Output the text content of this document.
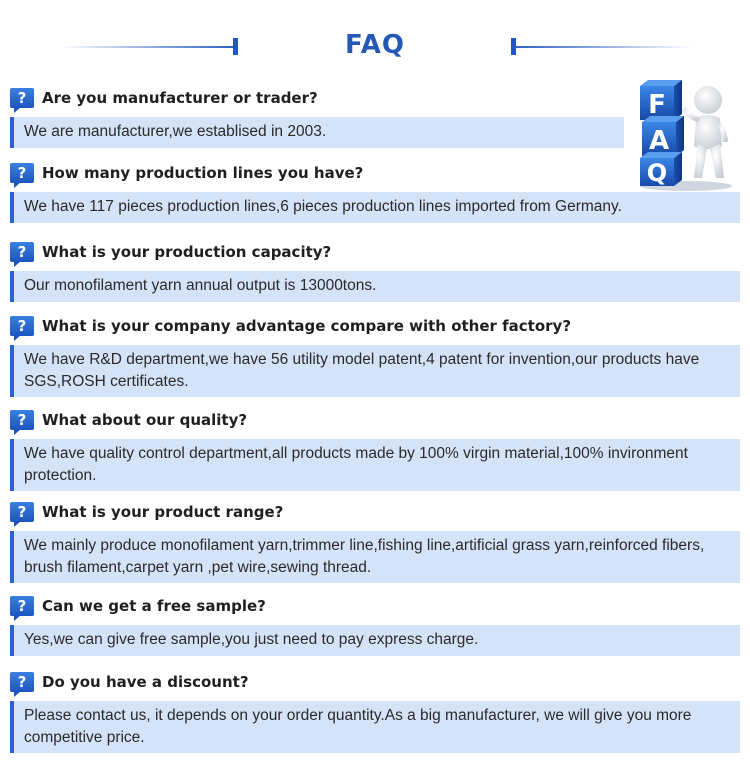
FAQ
F
A
Q
?	Are you manufacturer or trader?
We are manufacturer,we establised in 2003.
?	How many production lines you have?
We have 117 pieces production lines,6 pieces production lines imported from Germany.
?	What is your production capacity?
Our monofilament yarn annual output is 13000tons.
?	What is your company advantage compare with other factory?
We have R&D department,we have 56 utility model patent,4 patent for invention,our products have SGS,ROSH certificates.
?	What about our quality?
We have quality control department,all products made by 100% virgin material,100% invironment protection.
?	What is your product range?
We mainly produce monofilament yarn,trimmer line,fishing line,artificial grass yarn,reinforced fibers, brush filament,carpet yarn ,pet wire,sewing thread.
?	Can we get a free sample?
Yes,we can give free sample,you just need to pay express charge.
?	Do you have a discount?
Please contact us, it depends on your order quantity.As a big manufacturer, we will give you more competitive price.
